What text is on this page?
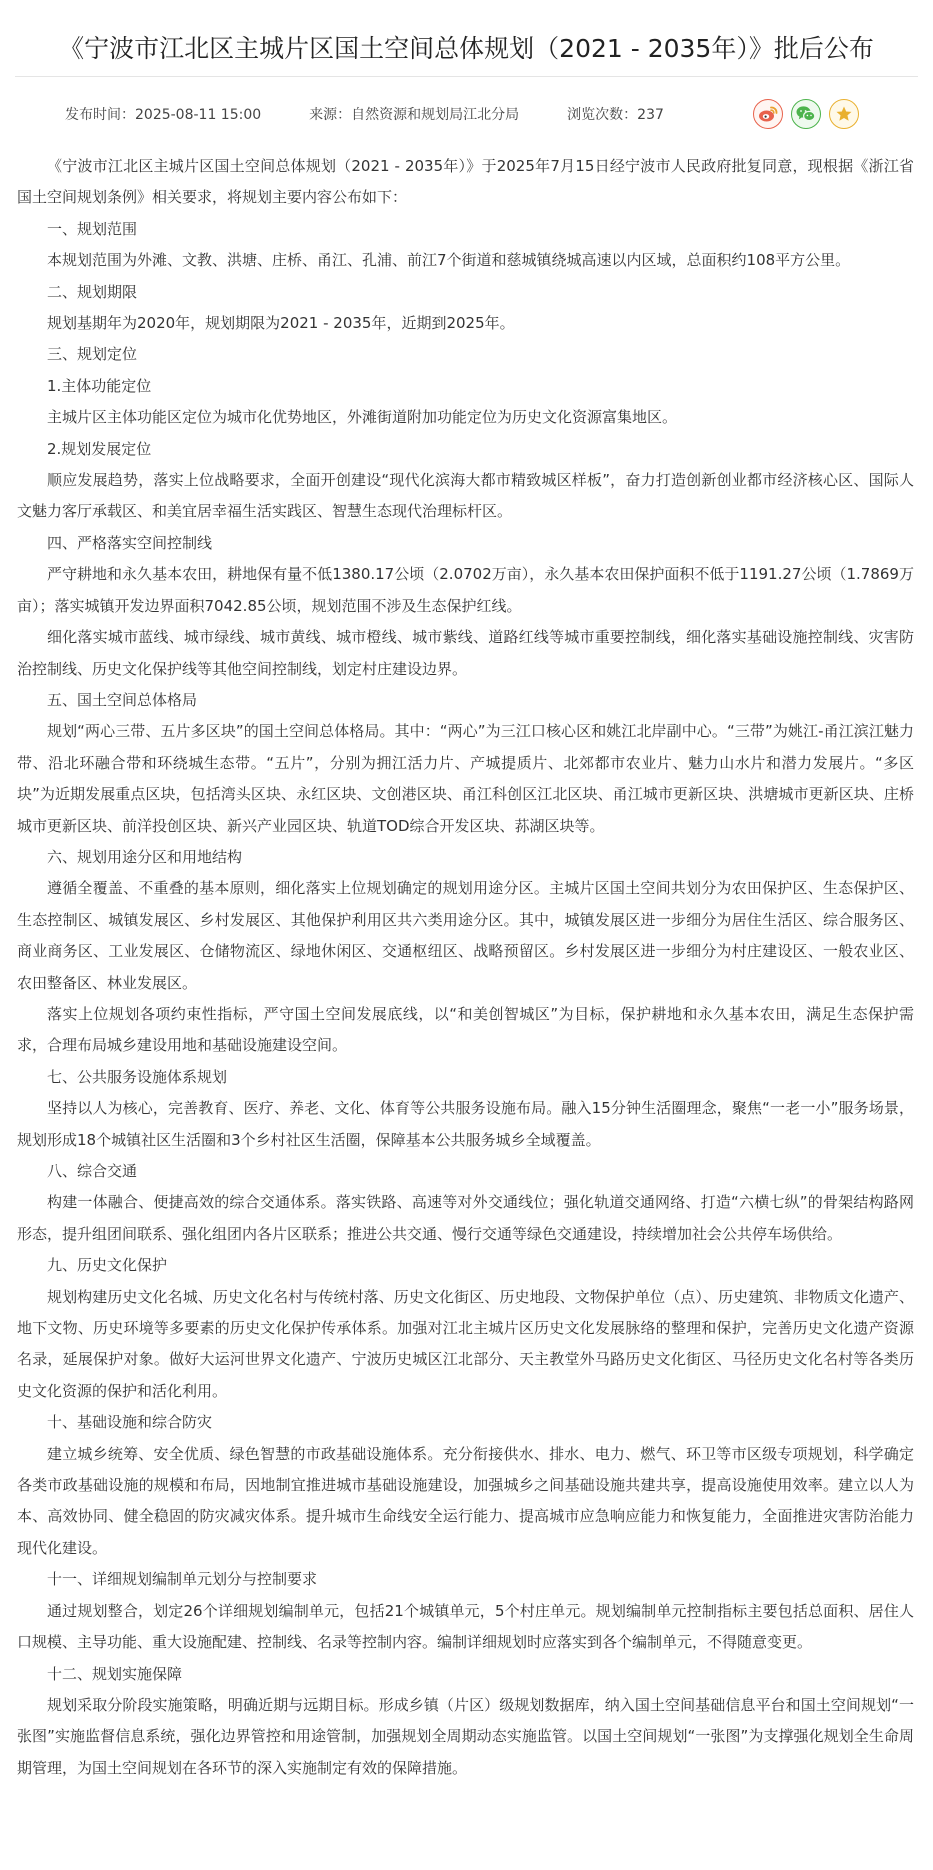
《宁波市江北区主城片区国土空间总体规划（2021 - 2035年）》批后公布
发布时间：2025-08-11 15:00	来源：自然资源和规划局江北分局	浏览次数：237

《宁波市江北区主城片区国土空间总体规划（2021 - 2035年）》于2025年7月15日经宁波市人民政府批复同意，现根据《浙江省国土空间规划条例》相关要求，将规划主要内容公布如下：

一、规划范围

本规划范围为外滩、文教、洪塘、庄桥、甬江、孔浦、前江7个街道和慈城镇绕城高速以内区域，总面积约108平方公里。

二、规划期限

规划基期年为2020年，规划期限为2021 - 2035年，近期到2025年。

三、规划定位

1.主体功能定位

主城片区主体功能区定位为城市化优势地区，外滩街道附加功能定位为历史文化资源富集地区。

2.规划发展定位

顺应发展趋势，落实上位战略要求，全面开创建设“现代化滨海大都市精致城区样板”，奋力打造创新创业都市经济核心区、国际人文魅力客厅承载区、和美宜居幸福生活实践区、智慧生态现代治理标杆区。

四、严格落实空间控制线

严守耕地和永久基本农田，耕地保有量不低1380.17公顷（2.0702万亩），永久基本农田保护面积不低于1191.27公顷（1.7869万亩）；落实城镇开发边界面积7042.85公顷，规划范围不涉及生态保护红线。

细化落实城市蓝线、城市绿线、城市黄线、城市橙线、城市紫线、道路红线等城市重要控制线，细化落实基础设施控制线、灾害防治控制线、历史文化保护线等其他空间控制线，划定村庄建设边界。

五、国土空间总体格局

规划“两心三带、五片多区块”的国土空间总体格局。其中：“两心”为三江口核心区和姚江北岸副中心。“三带”为姚江-甬江滨江魅力带、沿北环融合带和环绕城生态带。“五片”，分别为拥江活力片、产城提质片、北郊都市农业片、魅力山水片和潜力发展片。“多区块”为近期发展重点区块，包括湾头区块、永红区块、文创港区块、甬江科创区江北区块、甬江城市更新区块、洪塘城市更新区块、庄桥城市更新区块、前洋投创区块、新兴产业园区块、轨道TOD综合开发区块、荪湖区块等。

六、规划用途分区和用地结构

遵循全覆盖、不重叠的基本原则，细化落实上位规划确定的规划用途分区。主城片区国土空间共划分为农田保护区、生态保护区、生态控制区、城镇发展区、乡村发展区、其他保护利用区共六类用途分区。其中，城镇发展区进一步细分为居住生活区、综合服务区、商业商务区、工业发展区、仓储物流区、绿地休闲区、交通枢纽区、战略预留区。乡村发展区进一步细分为村庄建设区、一般农业区、农田整备区、林业发展区。

落实上位规划各项约束性指标，严守国土空间发展底线，以“和美创智城区”为目标，保护耕地和永久基本农田，满足生态保护需求，合理布局城乡建设用地和基础设施建设空间。

七、公共服务设施体系规划

坚持以人为核心，完善教育、医疗、养老、文化、体育等公共服务设施布局。融入15分钟生活圈理念，聚焦“一老一小”服务场景，规划形成18个城镇社区生活圈和3个乡村社区生活圈，保障基本公共服务城乡全域覆盖。

八、综合交通

构建一体融合、便捷高效的综合交通体系。落实铁路、高速等对外交通线位；强化轨道交通网络、打造“六横七纵”的骨架结构路网形态，提升组团间联系、强化组团内各片区联系；推进公共交通、慢行交通等绿色交通建设，持续增加社会公共停车场供给。

九、历史文化保护

规划构建历史文化名城、历史文化名村与传统村落、历史文化街区、历史地段、文物保护单位（点）、历史建筑、非物质文化遗产、地下文物、历史环境等多要素的历史文化保护传承体系。加强对江北主城片区历史文化发展脉络的整理和保护，完善历史文化遗产资源名录，延展保护对象。做好大运河世界文化遗产、宁波历史城区江北部分、天主教堂外马路历史文化街区、马径历史文化名村等各类历史文化资源的保护和活化利用。

十、基础设施和综合防灾

建立城乡统筹、安全优质、绿色智慧的市政基础设施体系。充分衔接供水、排水、电力、燃气、环卫等市区级专项规划，科学确定各类市政基础设施的规模和布局，因地制宜推进城市基础设施建设，加强城乡之间基础设施共建共享，提高设施使用效率。建立以人为本、高效协同、健全稳固的防灾减灾体系。提升城市生命线安全运行能力、提高城市应急响应能力和恢复能力，全面推进灾害防治能力现代化建设。

十一、详细规划编制单元划分与控制要求

通过规划整合，划定26个详细规划编制单元，包括21个城镇单元，5个村庄单元。规划编制单元控制指标主要包括总面积、居住人口规模、主导功能、重大设施配建、控制线、名录等控制内容。编制详细规划时应落实到各个编制单元，不得随意变更。

十二、规划实施保障

规划采取分阶段实施策略，明确近期与远期目标。形成乡镇（片区）级规划数据库，纳入国土空间基础信息平台和国土空间规划“一张图”实施监督信息系统，强化边界管控和用途管制，加强规划全周期动态实施监管。以国土空间规划“一张图”为支撑强化规划全生命周期管理，为国土空间规划在各环节的深入实施制定有效的保障措施。
